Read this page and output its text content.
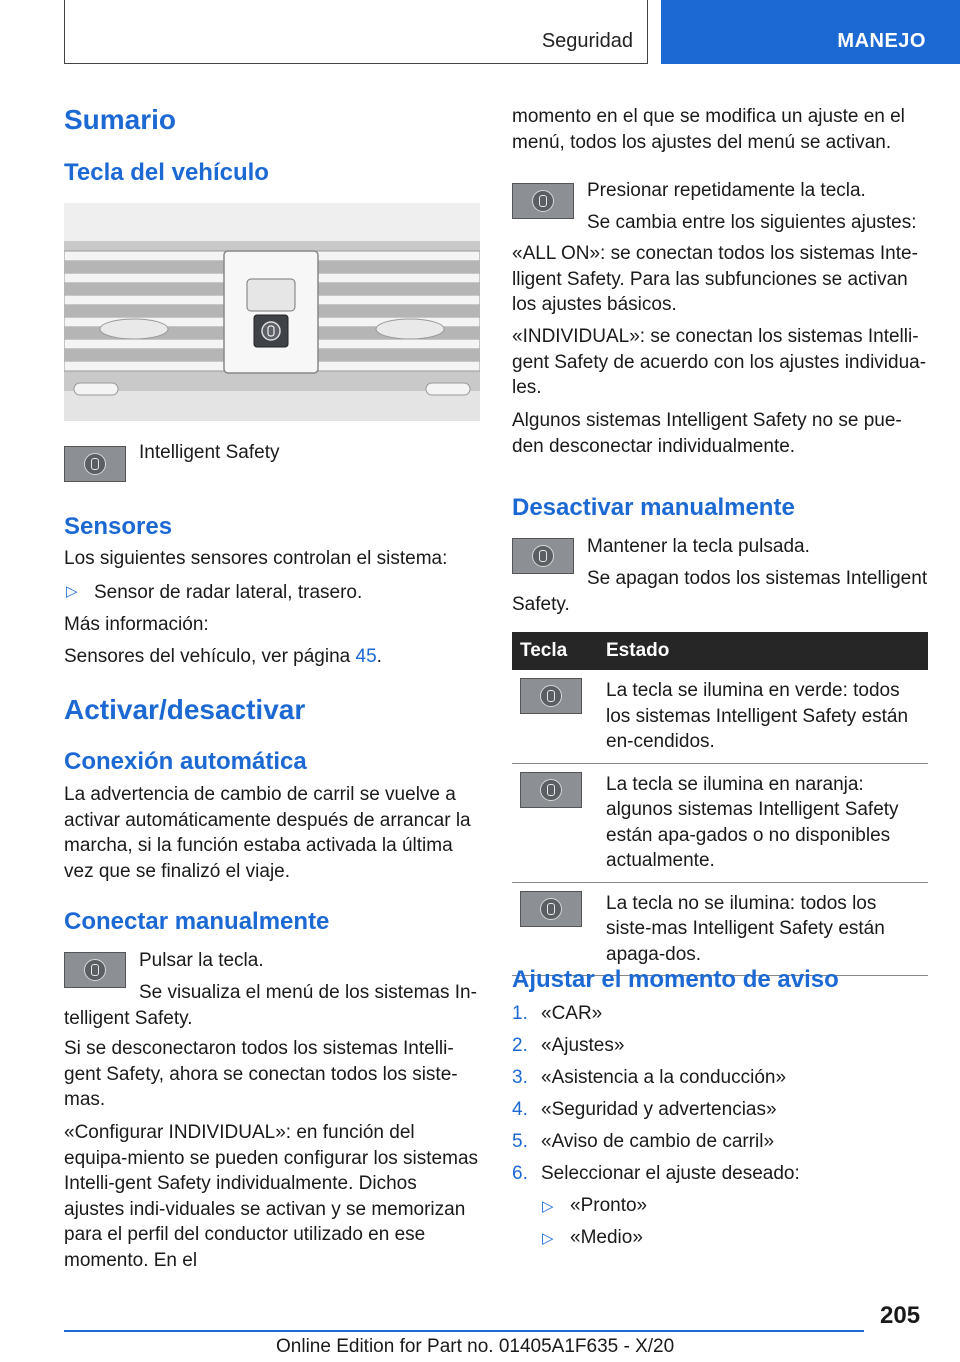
Seguridad	MANEJO
Sumario
Tecla del vehículo
Intelligent Safety
Sensores
Los siguientes sensores controlan el sistema:
▷ Sensor de radar lateral, trasero.
Más información:
Sensores del vehículo, ver página 45.
Activar/desactivar
Conexión automática
La advertencia de cambio de carril se vuelve a activar automáticamente después de arrancar la marcha, si la función estaba activada la última vez que se finalizó el viaje.
Conectar manualmente
Pulsar la tecla.
Se visualiza el menú de los sistemas In‐telligent Safety.
Si se desconectaron todos los sistemas Intelli‐gent Safety, ahora se conectan todos los siste‐mas.
«Configurar INDIVIDUAL»: en función del equipa‐miento se pueden configurar los sistemas Intelli‐gent Safety individualmente. Dichos ajustes indi‐viduales se activan y se memorizan para el perfil del conductor utilizado en ese momento. En el
momento en el que se modifica un ajuste en el menú, todos los ajustes del menú se activan.
Presionar repetidamente la tecla.
Se cambia entre los siguientes ajustes:
«ALL ON»: se conectan todos los sistemas Inte‐lligent Safety. Para las subfunciones se activan los ajustes básicos.
«INDIVIDUAL»: se conectan los sistemas Intelli‐gent Safety de acuerdo con los ajustes individua‐les.
Algunos sistemas Intelligent Safety no se pue‐den desconectar individualmente.
Desactivar manualmente
Mantener la tecla pulsada.
Se apagan todos los sistemas Intelligent Safety.
Tecla	Estado

	La tecla se ilumina en verde: todos los sistemas Intelligent Safety están en‐cendidos.

	La tecla se ilumina en naranja: algunos sistemas Intelligent Safety están apa‐gados o no disponibles actualmente.

	La tecla no se ilumina: todos los siste‐mas Intelligent Safety están apaga‐dos.
Ajustar el momento de aviso
1. «CAR»
2. «Ajustes»
3. «Asistencia a la conducción»
4. «Seguridad y advertencias»
5. «Aviso de cambio de carril»
6. Seleccionar el ajuste deseado:
▷ «Pronto»
▷ «Medio»
205
Online Edition for Part no. 01405A1F635 - X/20
